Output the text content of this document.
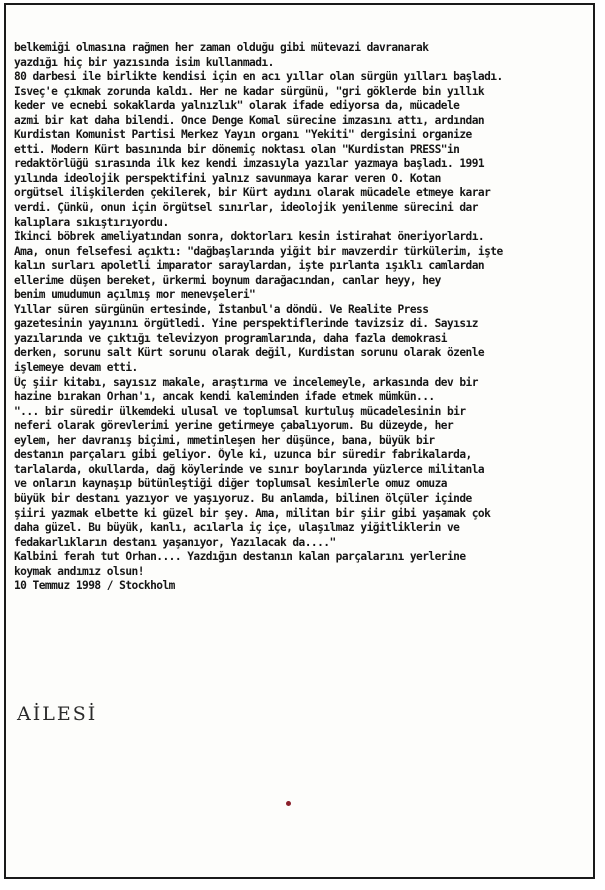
belkemiği olmasına rağmen her zaman olduğu gibi mütevazi davranarak
yazdığı hiç bir yazısında isim kullanmadı.
80 darbesi ile birlikte kendisi için en acı yıllar olan sürgün yılları başladı.
Isveç'e çıkmak zorunda kaldı. Her ne kadar sürgünü, "gri göklerde bin yıllık
keder ve ecnebi sokaklarda yalnızlık" olarak ifade ediyorsa da, mücadele
azmi bir kat daha bilendi. Once Denge Komal sürecine imzasını attı, ardından
Kurdistan Komunist Partisi Merkez Yayın organı "Yekiti" dergisini organize
etti. Modern Kürt basınında bir dönemiç noktası olan "Kurdistan PRESS"in
redaktörlüğü sırasında ilk kez kendi imzasıyla yazılar yazmaya başladı. 1991
yılında ideolojik perspektifini yalnız savunmaya karar veren O. Kotan
orgütsel ilişkilerden çekilerek, bir Kürt aydını olarak mücadele etmeye karar
verdi. Çünkü, onun için örgütsel sınırlar, ideolojik yenilenme sürecini dar
kalıplara sıkıştırıyordu.
İkinci böbrek ameliyatından sonra, doktorları kesin istirahat öneriyorlardı.
Ama, onun felsefesi açıktı: "dağbaşlarında yiğit bir mavzerdir türkülerim, işte
kalın surları apoletli imparator saraylardan, işte pırlanta ışıklı camlardan
ellerime düşen bereket, ürkermi boynum darağacından, canlar heyy, hey
benim umudumun açılmış mor menevşeleri"
Yıllar süren sürgünün ertesinde, İstanbul'a döndü. Ve Realite Press
gazetesinin yayınını örgütledi. Yine perspektiflerinde tavizsiz di. Sayısız
yazılarında ve çıktığı televizyon programlarında, daha fazla demokrasi
derken, sorunu salt Kürt sorunu olarak değil, Kurdistan sorunu olarak özenle
işlemeye devam etti.
Üç şiir kitabı, sayısız makale, araştırma ve incelemeyle, arkasında dev bir
hazine bırakan Orhan'ı, ancak kendi kaleminden ifade etmek mümkün...
"... bir süredir ülkemdeki ulusal ve toplumsal kurtuluş mücadelesinin bir
neferi olarak görevlerimi yerine getirmeye çabalıyorum. Bu düzeyde, her
eylem, her davranış biçimi, mmetinleşen her düşünce, bana, büyük bir
destanın parçaları gibi geliyor. Öyle ki, uzunca bir süredir fabrikalarda,
tarlalarda, okullarda, dağ köylerinde ve sınır boylarında yüzlerce militanla
ve onların kaynaşıp bütünleştiği diğer toplumsal kesimlerle omuz omuza
büyük bir destanı yazıyor ve yaşıyoruz. Bu anlamda, bilinen ölçüler içinde
şiiri yazmak elbette ki güzel bir şey. Ama, militan bir şiir gibi yaşamak çok
daha güzel. Bu büyük, kanlı, acılarla iç içe, ulaşılmaz yiğitliklerin ve
fedakarlıkların destanı yaşanıyor, Yazılacak da...."
Kalbini ferah tut Orhan.... Yazdığın destanın kalan parçalarını yerlerine
koymak andımız olsun!
10 Temmuz 1998 / Stockholm
AİLESİ
